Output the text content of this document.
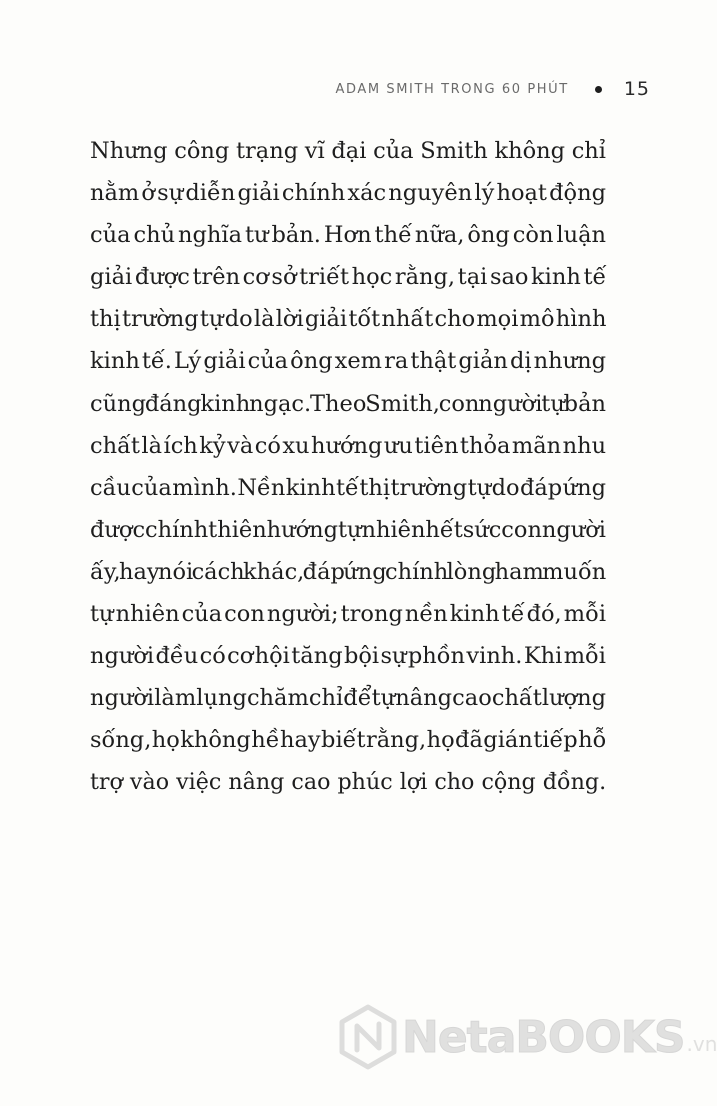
ADAM SMITH TRONG 60 PHÚT	15
Nhưng công trạng vĩ đại của Smith không chỉ
nằm ở sự diễn giải chính xác nguyên lý hoạt động
của chủ nghĩa tư bản. Hơn thế nữa, ông còn luận
giải được trên cơ sở triết học rằng, tại sao kinh tế
thị trường tự do là lời giải tốt nhất cho mọi mô hình
kinh tế. Lý giải của ông xem ra thật giản dị nhưng
cũng đáng kinh ngạc. Theo Smith, con người tự bản
chất là ích kỷ và có xu hướng ưu tiên thỏa mãn nhu
cầu của mình. Nền kinh tế thị trường tự do đáp ứng
được chính thiên hướng tự nhiên hết sức con người
ấy, hay nói cách khác, đáp ứng chính lòng ham muốn
tự nhiên của con người; trong nền kinh tế đó, mỗi
người đều có cơ hội tăng bội sự phồn vinh. Khi mỗi
người làm lụng chăm chỉ để tự nâng cao chất lượng
sống, họ không hề hay biết rằng, họ đã gián tiếp hỗ
trợ vào việc nâng cao phúc lợi cho cộng đồng.
NetaBOOKS .vn
